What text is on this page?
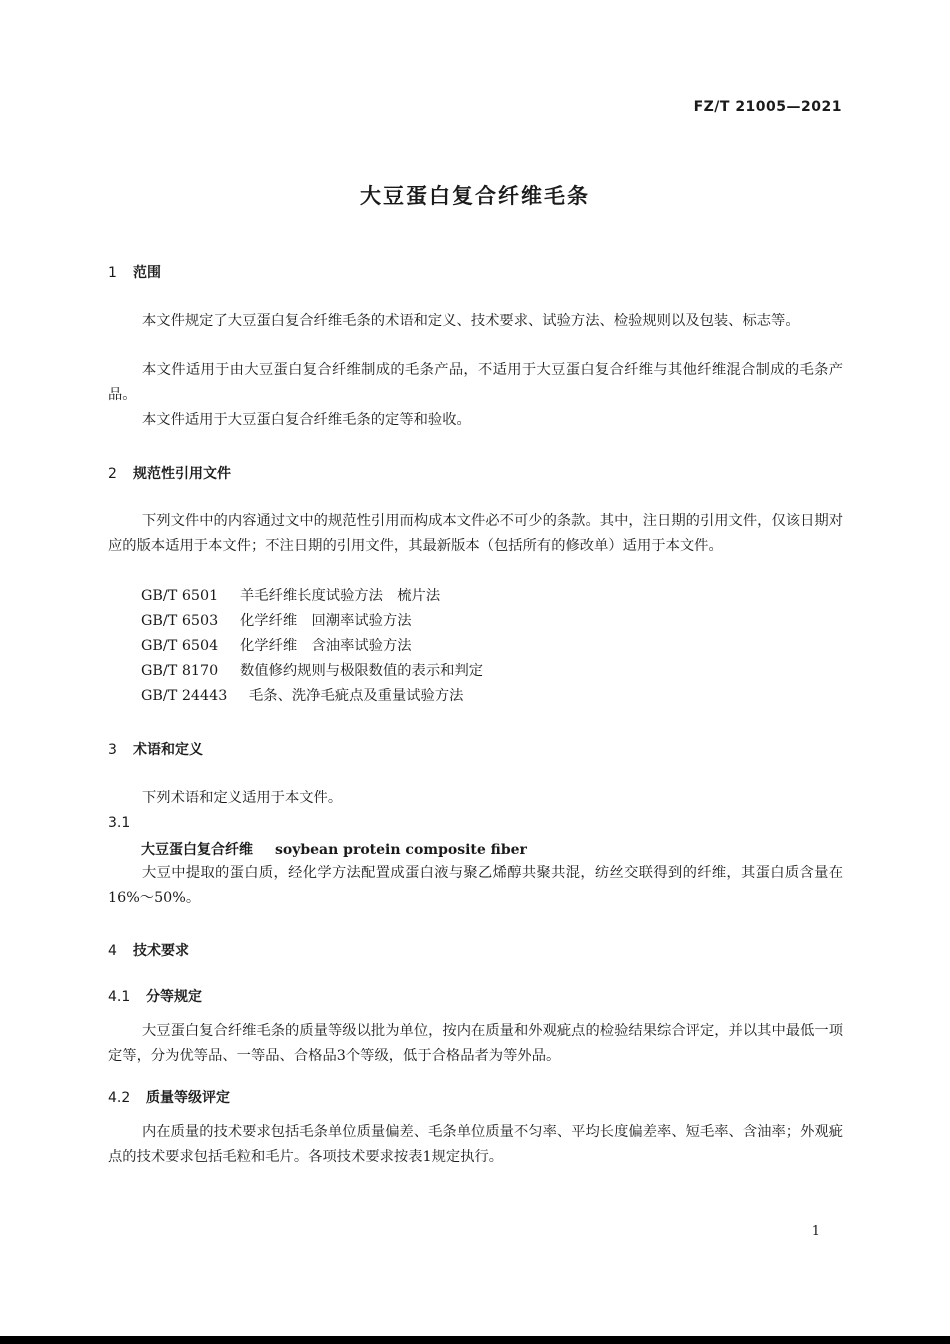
FZ/T 21005—2021
大豆蛋白复合纤维毛条
1 范围
本文件规定了大豆蛋白复合纤维毛条的术语和定义、技术要求、试验方法、检验规则以及包装、标志等。
本文件适用于由大豆蛋白复合纤维制成的毛条产品，不适用于大豆蛋白复合纤维与其他纤维混合制成的毛条产品。
本文件适用于大豆蛋白复合纤维毛条的定等和验收。
2 规范性引用文件
下列文件中的内容通过文中的规范性引用而构成本文件必不可少的条款。其中，注日期的引用文件，仅该日期对应的版本适用于本文件；不注日期的引用文件，其最新版本（包括所有的修改单）适用于本文件。
GB/T 6501 羊毛纤维长度试验方法　梳片法
GB/T 6503 化学纤维　回潮率试验方法
GB/T 6504 化学纤维　含油率试验方法
GB/T 8170 数值修约规则与极限数值的表示和判定
GB/T 24443 毛条、洗净毛疵点及重量试验方法
3 术语和定义
下列术语和定义适用于本文件。
3.1
大豆蛋白复合纤维 soybean protein composite fiber
大豆中提取的蛋白质，经化学方法配置成蛋白液与聚乙烯醇共聚共混，纺丝交联得到的纤维，其蛋白质含量在16%～50%。
4 技术要求
4.1 分等规定
大豆蛋白复合纤维毛条的质量等级以批为单位，按内在质量和外观疵点的检验结果综合评定，并以其中最低一项定等，分为优等品、一等品、合格品3个等级，低于合格品者为等外品。
4.2 质量等级评定
内在质量的技术要求包括毛条单位质量偏差、毛条单位质量不匀率、平均长度偏差率、短毛率、含油率；外观疵点的技术要求包括毛粒和毛片。各项技术要求按表1规定执行。
1
